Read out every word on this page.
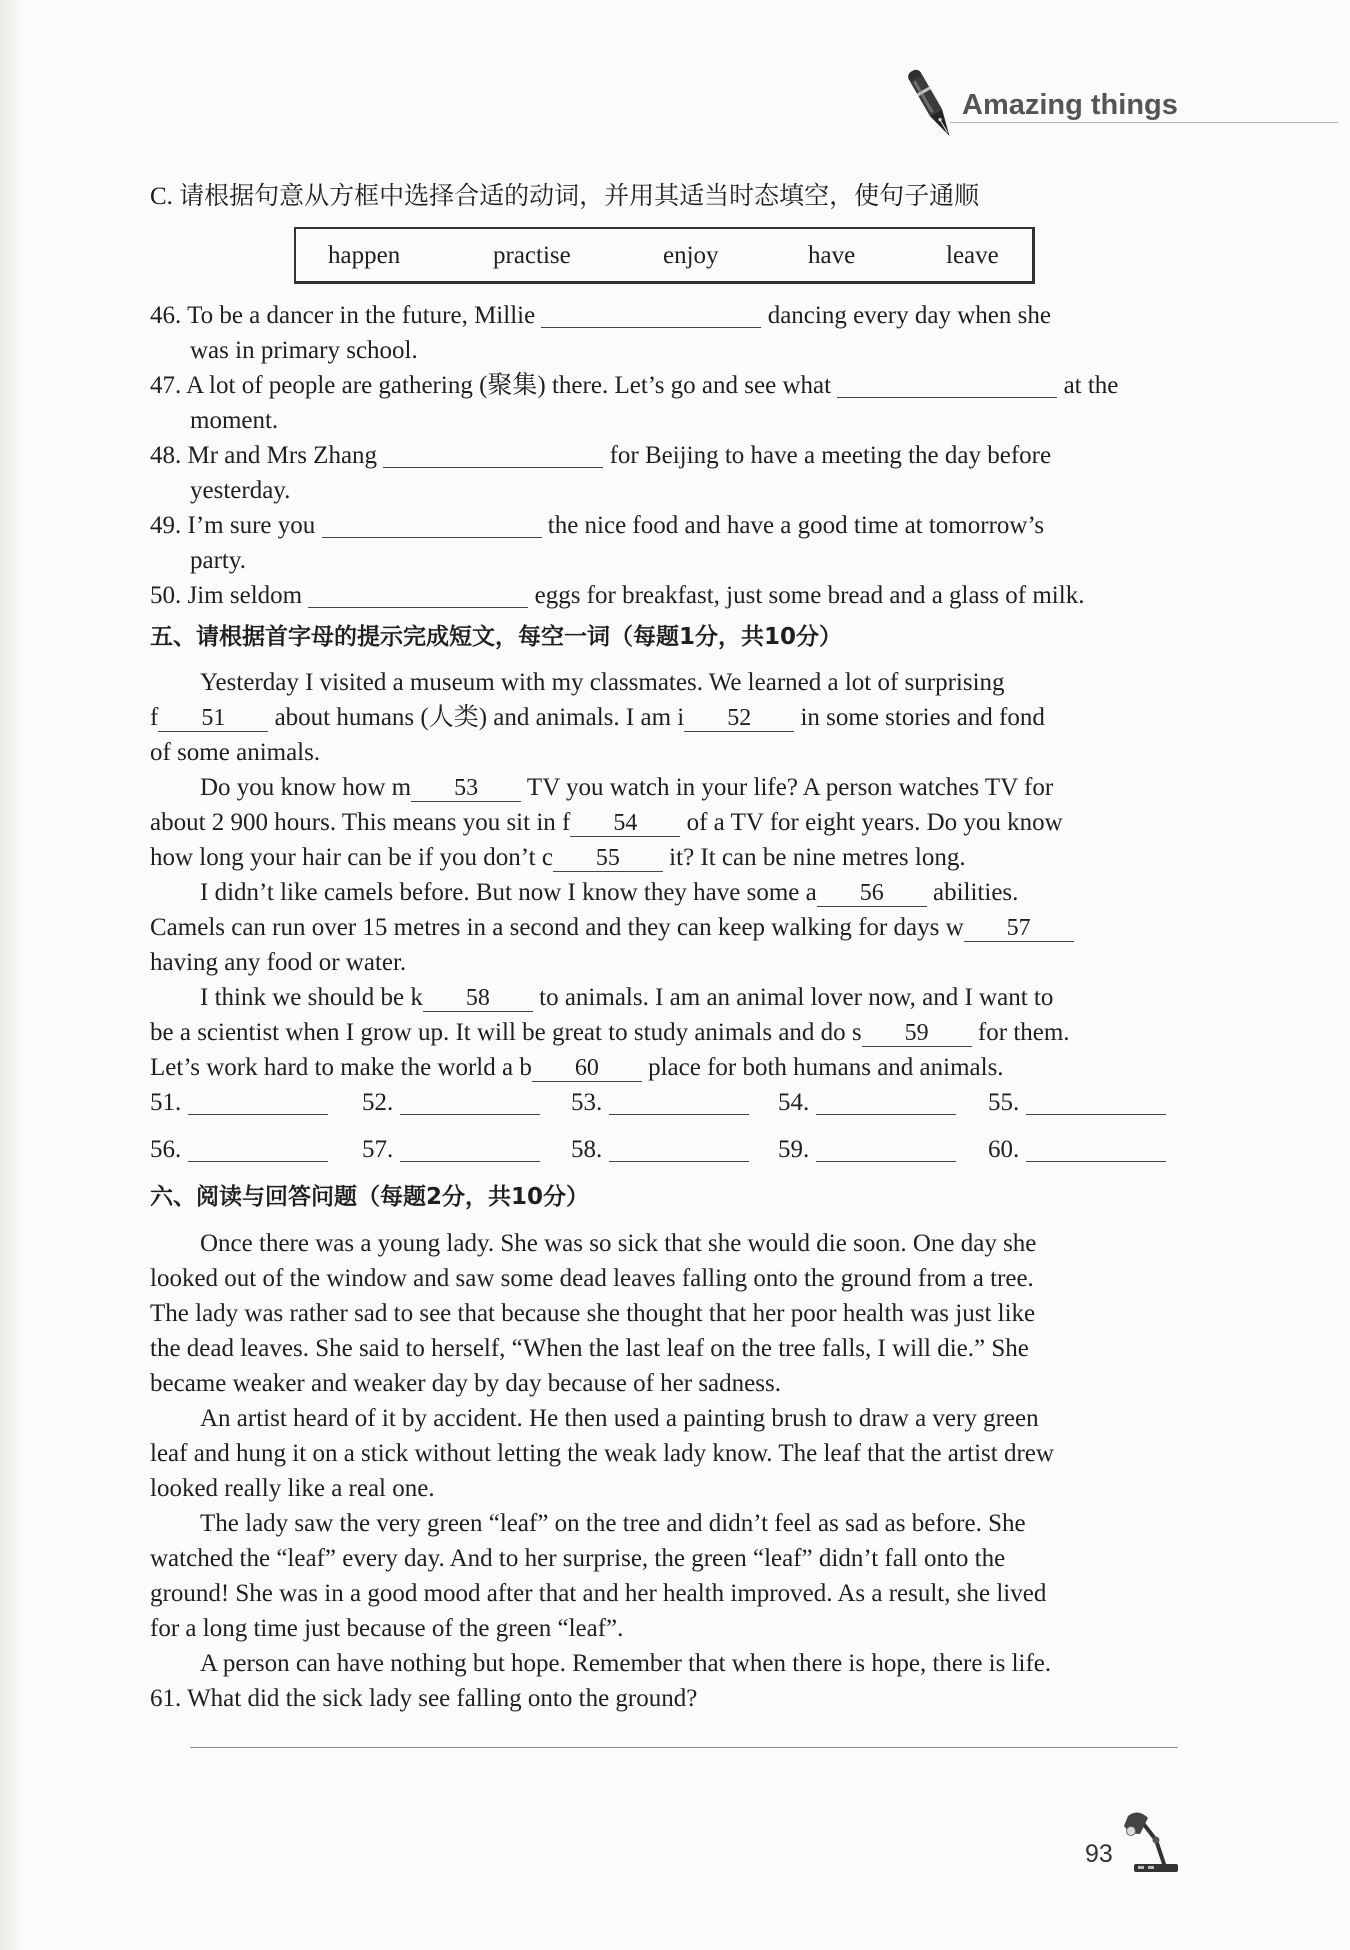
Amazing things
C. 请根据句意从方框中选择合适的动词，并用其适当时态填空，使句子通顺
happen	practise	enjoy	have	leave
46. To be a dancer in the future, Millie	dancing every day when she
was in primary school.
47. A lot of people are gathering (聚集) there. Let’s go and see what	at the
moment.
48. Mr and Mrs Zhang	for Beijing to have a meeting the day before
yesterday.
49. I’m sure you	the nice food and have a good time at tomorrow’s
party.
50. Jim seldom	eggs for breakfast, just some bread and a glass of milk.
五、请根据首字母的提示完成短文，每空一词（每题1分，共10分）
Yesterday I visited a museum with my classmates. We learned a lot of surprising
f 51 about humans (人类) and animals. I am i 52 in some stories and fond
of some animals.
Do you know how m 53 TV you watch in your life? A person watches TV for
about 2 900 hours. This means you sit in f 54 of a TV for eight years. Do you know
how long your hair can be if you don’t c 55 it? It can be nine metres long.
I didn’t like camels before. But now I know they have some a 56 abilities.
Camels can run over 15 metres in a second and they can keep walking for days w 57
having any food or water.
I think we should be k 58 to animals. I am an animal lover now, and I want to
be a scientist when I grow up. It will be great to study animals and do s 59 for them.
Let’s work hard to make the world a b 60 place for both humans and animals.
51.	52.	53.	54.	55.
56.	57.	58.	59.	60.
六、阅读与回答问题（每题2分，共10分）
Once there was a young lady. She was so sick that she would die soon. One day she
looked out of the window and saw some dead leaves falling onto the ground from a tree.
The lady was rather sad to see that because she thought that her poor health was just like
the dead leaves. She said to herself, “When the last leaf on the tree falls, I will die.” She
became weaker and weaker day by day because of her sadness.
An artist heard of it by accident. He then used a painting brush to draw a very green
leaf and hung it on a stick without letting the weak lady know. The leaf that the artist drew
looked really like a real one.
The lady saw the very green “leaf” on the tree and didn’t feel as sad as before. She
watched the “leaf” every day. And to her surprise, the green “leaf” didn’t fall onto the
ground! She was in a good mood after that and her health improved. As a result, she lived
for a long time just because of the green “leaf”.
A person can have nothing but hope. Remember that when there is hope, there is life.
61. What did the sick lady see falling onto the ground?
93
